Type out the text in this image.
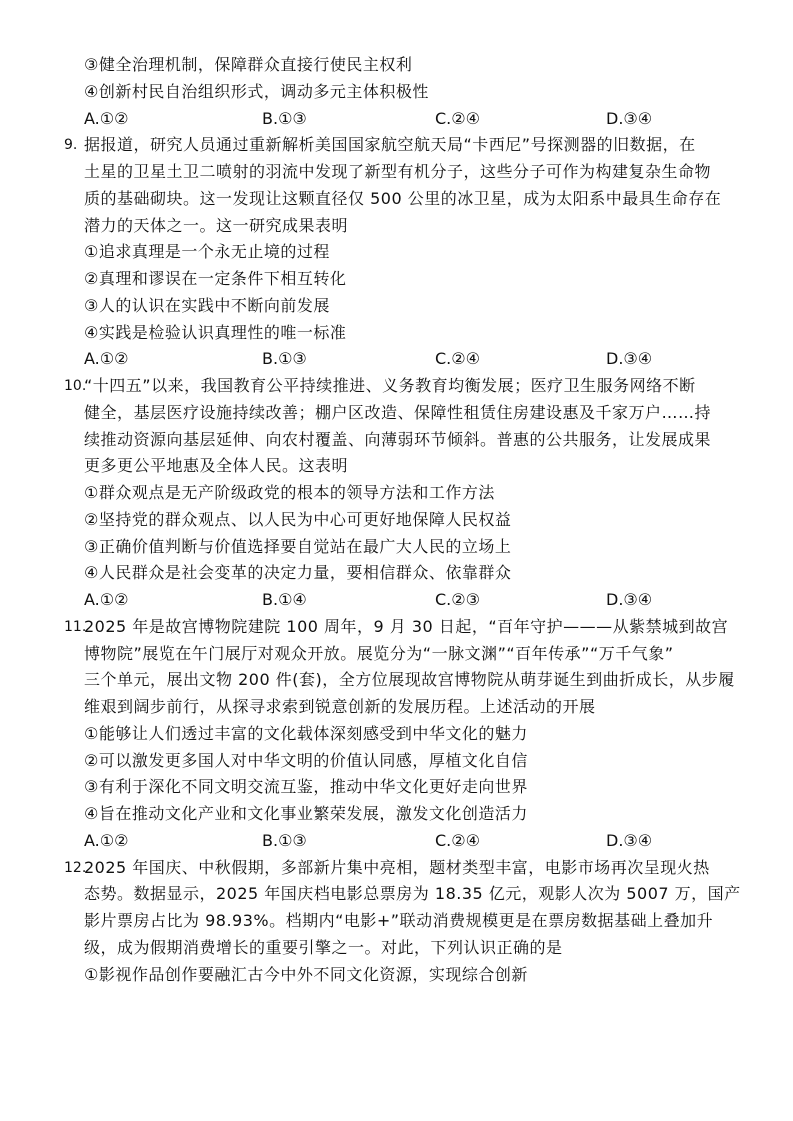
③健全治理机制，保障群众直接行使民主权利
④创新村民自治组织形式，调动多元主体积极性
A.①②	B.①③	C.②④	D.③④
9. 据报道，研究人员通过重新解析美国国家航空航天局“卡西尼”号探测器的旧数据，在
土星的卫星土卫二喷射的羽流中发现了新型有机分子，这些分子可作为构建复杂生命物
质的基础砌块。这一发现让这颗直径仅 500 公里的冰卫星，成为太阳系中最具生命存在
潜力的天体之一。这一研究成果表明
①追求真理是一个永无止境的过程
②真理和谬误在一定条件下相互转化
③人的认识在实践中不断向前发展
④实践是检验认识真理性的唯一标准
A.①②	B.①③	C.②④	D.③④
10.
“十四五”以来，我国教育公平持续推进、义务教育均衡发展；医疗卫生服务网络不断
健全，基层医疗设施持续改善；棚户区改造、保障性租赁住房建设惠及千家万户……持
续推动资源向基层延伸、向农村覆盖、向薄弱环节倾斜。普惠的公共服务，让发展成果
更多更公平地惠及全体人民。这表明
①群众观点是无产阶级政党的根本的领导方法和工作方法
②坚持党的群众观点、以人民为中心可更好地保障人民权益
③正确价值判断与价值选择要自觉站在最广大人民的立场上
④人民群众是社会变革的决定力量，要相信群众、依靠群众
A.①②	B.①④	C.②③	D.③④
11.
2025 年是故宫博物院建院 100 周年，9 月 30 日起，“百年守护———从紫禁城到故宫
博物院”展览在午门展厅对观众开放。展览分为“一脉文渊”“百年传承”“万千气象”
三个单元，展出文物 200 件(套)，全方位展现故宫博物院从萌芽诞生到曲折成长，从步履
维艰到阔步前行，从探寻求索到锐意创新的发展历程。上述活动的开展
①能够让人们透过丰富的文化载体深刻感受到中华文化的魅力
②可以激发更多国人对中华文明的价值认同感，厚植文化自信
③有利于深化不同文明交流互鉴，推动中华文化更好走向世界
④旨在推动文化产业和文化事业繁荣发展，激发文化创造活力
A.①②	B.①③	C.②④	D.③④
12.
2025 年国庆、中秋假期，多部新片集中亮相，题材类型丰富，电影市场再次呈现火热
态势。数据显示，2025 年国庆档电影总票房为 18.35 亿元，观影人次为 5007 万，国产
影片票房占比为 98.93%。档期内“电影+”联动消费规模更是在票房数据基础上叠加升
级，成为假期消费增长的重要引擎之一。对此，下列认识正确的是
①影视作品创作要融汇古今中外不同文化资源，实现综合创新
